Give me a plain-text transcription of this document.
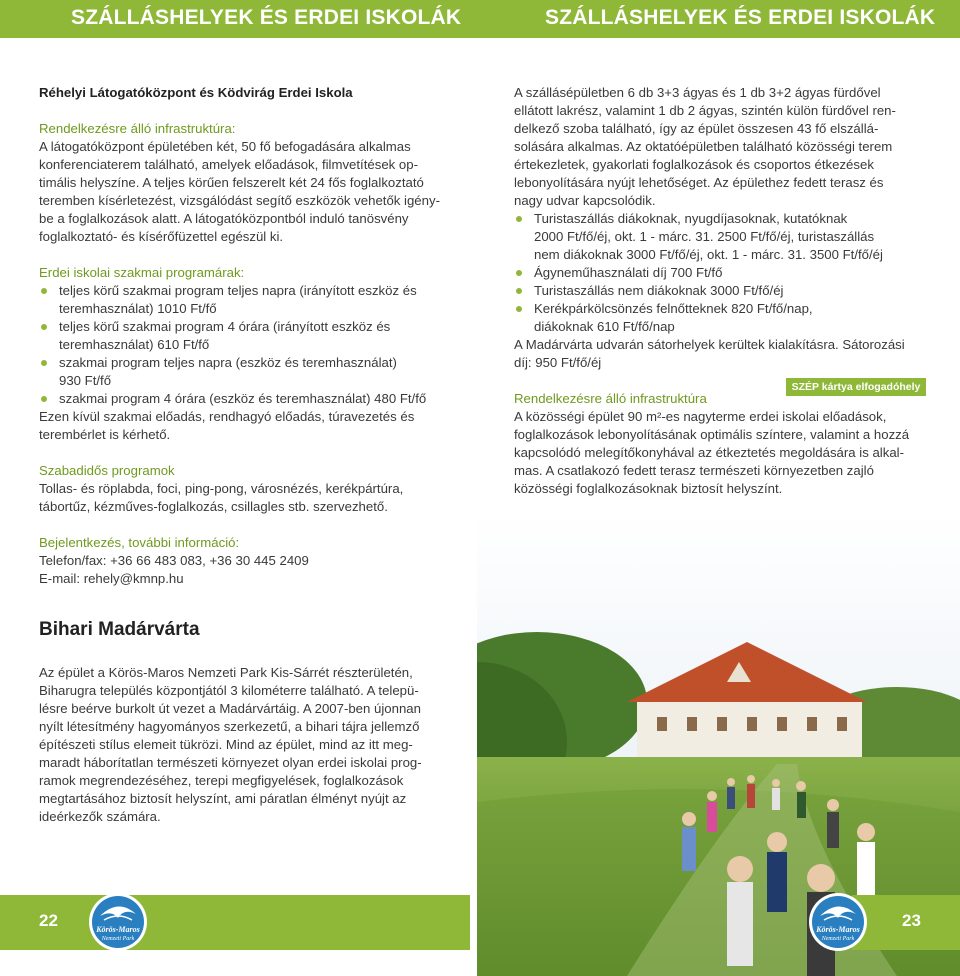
SZÁLLÁSHELYEK ÉS ERDEI ISKOLÁK	SZÁLLÁSHELYEK ÉS ERDEI ISKOLÁK

Réhelyi Látogatóközpont és Ködvirág Erdei Iskola

Rendelkezésre álló infrastruktúra:

A látogatóközpont épületében két, 50 fő befogadására alkalmas

konferenciaterem található, amelyek előadások, filmvetítések op-

timális helyszíne. A teljes körűen felszerelt két 24 fős foglalkoztató

teremben kísérletezést, vizsgálódást segítő eszközök vehetők igény-

be a foglalkozások alatt. A látogatóközpontból induló tanösvény

foglalkoztató- és kísérőfüzettel egészül ki.

Erdei iskolai szakmai programárak:

teljes körű szakmai program teljes napra (irányított eszköz és
teremhasználat) 1010 Ft/fő
teljes körű szakmai program 4 órára (irányított eszköz és
teremhasználat) 610 Ft/fő
szakmai program teljes napra (eszköz és teremhasználat)
930 Ft/fő
szakmai program 4 órára (eszköz és teremhasználat) 480 Ft/fő

Ezen kívül szakmai előadás, rendhagyó előadás, túravezetés és

terembérlet is kérhető.

Szabadidős programok

Tollas- és röplabda, foci, ping-pong, városnézés, kerékpártúra,

tábortűz, kézműves-foglalkozás, csillagles stb. szervezhető.

Bejelentkezés, további információ:

Telefon/fax: +36 66 483 083, +36 30 445 2409

E-mail: rehely@kmnp.hu

Bihari Madárvárta

Az épület a Körös-Maros Nemzeti Park Kis-Sárrét részterületén,

Biharugra település központjától 3 kilométerre található. A telepü-

lésre beérve burkolt út vezet a Madárvártáig. A 2007-ben újonnan

nyílt létesítmény hagyományos szerkezetű, a bihari tájra jellemző

építészeti stílus elemeit tükrözi. Mind az épület, mind az itt meg-

maradt háborítatlan természeti környezet olyan erdei iskolai prog-

ramok megrendezéséhez, terepi megfigyelések, foglalkozások

megtartásához biztosít helyszínt, ami páratlan élményt nyújt az

ideérkezők számára.

A szállásépületben 6 db 3+3 ágyas és 1 db 3+2 ágyas fürdővel

ellátott lakrész, valamint 1 db 2 ágyas, szintén külön fürdővel ren-

delkező szoba található, így az épület összesen 43 fő elszállá-

solására alkalmas. Az oktatóépületben található közösségi terem

értekezletek, gyakorlati foglalkozások és csoportos étkezések

lebonyolítására nyújt lehetőséget. Az épülethez fedett terasz és

nagy udvar kapcsolódik.

Turistaszállás diákoknak, nyugdíjasoknak, kutatóknak
2000 Ft/fő/éj, okt. 1 - márc. 31. 2500 Ft/fő/éj, turistaszállás
nem diákoknak 3000 Ft/fő/éj, okt. 1 - márc. 31. 3500 Ft/fő/éj
Ágyneműhasználati díj 700 Ft/fő
Turistaszállás nem diákoknak 3000 Ft/fő/éj
Kerékpárkölcsönzés felnőtteknek 820 Ft/fő/nap,
diákoknak 610 Ft/fő/nap

A Madárvárta udvarán sátorhelyek kerültek kialakításra. Sátorozási

díj: 950 Ft/fő/éj

Rendelkezésre álló infrastruktúra

A közösségi épület 90 m²-es nagyterme erdei iskolai előadások,

foglalkozások lebonyolításának optimális színtere, valamint a hozzá

kapcsolódó melegítőkonyhával az étkeztetés megoldására is alkal-

mas. A csatlakozó fedett terasz természeti környezetben zajló

közösségi foglalkozásoknak biztosít helyszínt.

SZÉP kártya elfogadóhely
22	23
Körös-Maros
Nemzeti Park
Körös-Maros
Nemzeti Park
